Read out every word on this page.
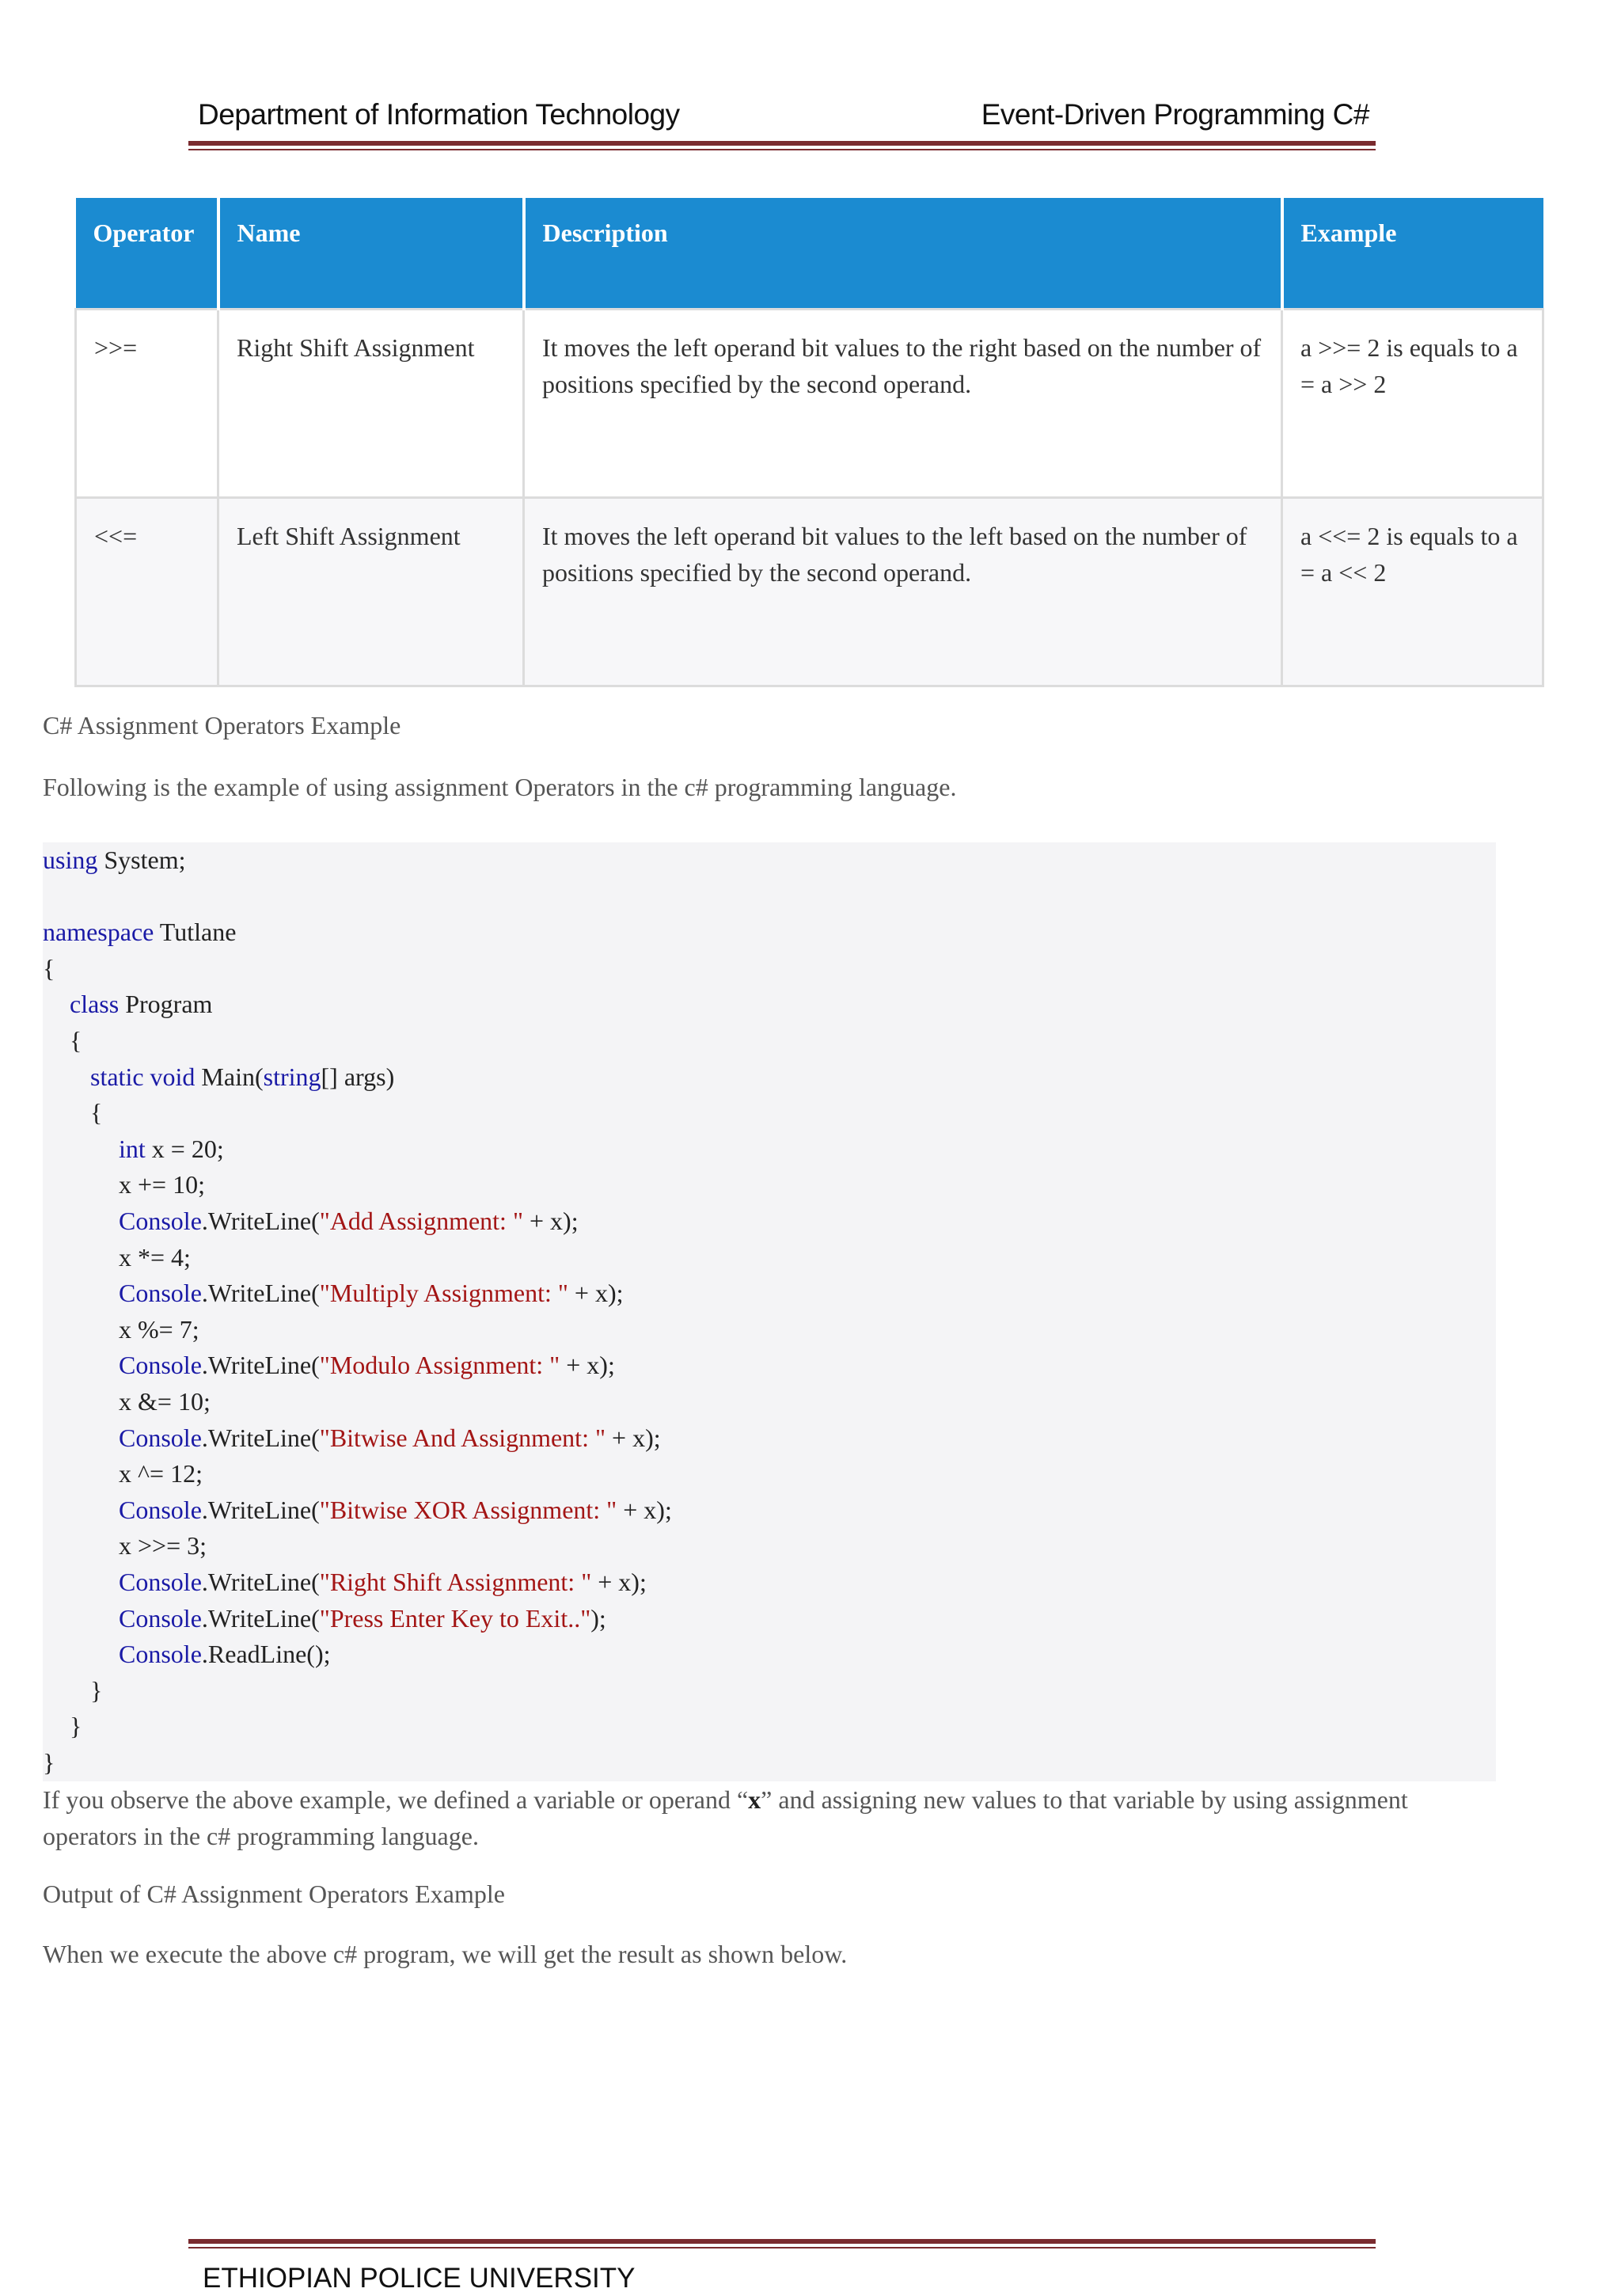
Department of Information Technology	Event-Driven Programming C#
Operator	Name	Description	Example
>>=	Right Shift Assignment	It moves the left operand bit values to the right based on the number of positions specified by the second operand.	a >>= 2 is equals to a = a >> 2
<<=	Left Shift Assignment	It moves the left operand bit values to the left based on the number of positions specified by the second operand.	a <<= 2 is equals to a = a << 2
C# Assignment Operators Example
Following is the example of using assignment Operators in the c# programming language.
using System;
namespace Tutlane
{
class Program
{
static void Main(string[] args)
{
int x = 20;
x += 10;
Console.WriteLine("Add Assignment: " + x);
x *= 4;
Console.WriteLine("Multiply Assignment: " + x);
x %= 7;
Console.WriteLine("Modulo Assignment: " + x);
x &= 10;
Console.WriteLine("Bitwise And Assignment: " + x);
x ^= 12;
Console.WriteLine("Bitwise XOR Assignment: " + x);
x >>= 3;
Console.WriteLine("Right Shift Assignment: " + x);
Console.WriteLine("Press Enter Key to Exit..");
Console.ReadLine();
}
}
}
If you observe the above example, we defined a variable or operand “x” and assigning new values to that variable by using assignment operators in the c# programming language.
Output of C# Assignment Operators Example
When we execute the above c# program, we will get the result as shown below.
ETHIOPIAN POLICE UNIVERSITY
